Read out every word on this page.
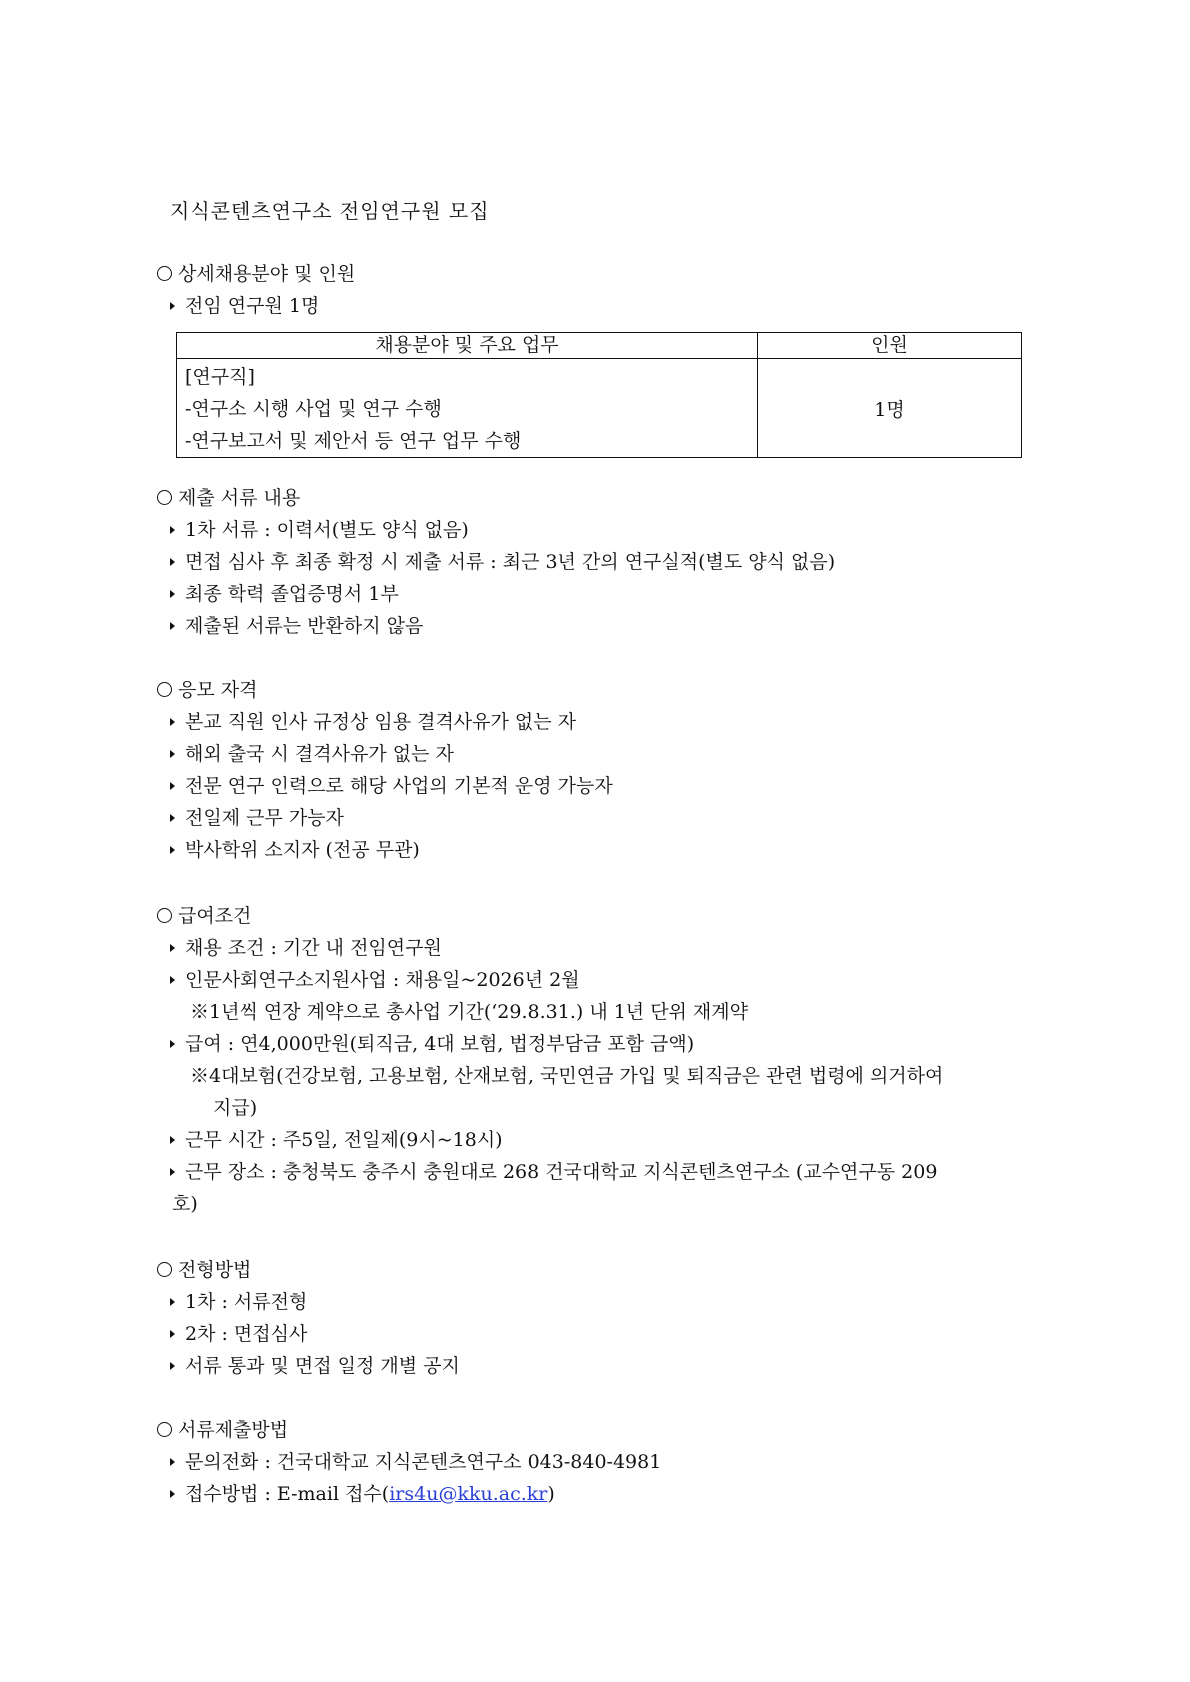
지식콘텐츠연구소 전임연구원 모집
상세채용분야 및 인원
전임 연구원 1명
채용분야 및 주요 업무	인원

[연구직]
-연구소 시행 사업 및 연구 수행
-연구보고서 및 제안서 등 연구 업무 수행	1명
제출 서류 내용
1차 서류 : 이력서(별도 양식 없음)
면접 심사 후 최종 확정 시 제출 서류 : 최근 3년 간의 연구실적(별도 양식 없음)
최종 학력 졸업증명서 1부
제출된 서류는 반환하지 않음
응모 자격
본교 직원 인사 규정상 임용 결격사유가 없는 자
해외 출국 시 결격사유가 없는 자
전문 연구 인력으로 해당 사업의 기본적 운영 가능자
전일제 근무 가능자
박사학위 소지자 (전공 무관)
급여조건
채용 조건 : 기간 내 전임연구원
인문사회연구소지원사업 : 채용일~2026년 2월
※1년씩 연장 계약으로 총사업 기간(‘29.8.31.) 내 1년 단위 재계약
급여 : 연4,000만원(퇴직금, 4대 보험, 법정부담금 포함 금액)
※4대보험(건강보험, 고용보험, 산재보험, 국민연금 가입 및 퇴직금은 관련 법령에 의거하여
지급)
근무 시간 : 주5일, 전일제(9시~18시)
근무 장소 : 충청북도 충주시 충원대로 268 건국대학교 지식콘텐츠연구소 (교수연구동 209
호)
전형방법
1차 : 서류전형
2차 : 면접심사
서류 통과 및 면접 일정 개별 공지
서류제출방법
문의전화 : 건국대학교 지식콘텐츠연구소 043-840-4981
접수방법 : E-mail 접수(irs4u@kku.ac.kr)
